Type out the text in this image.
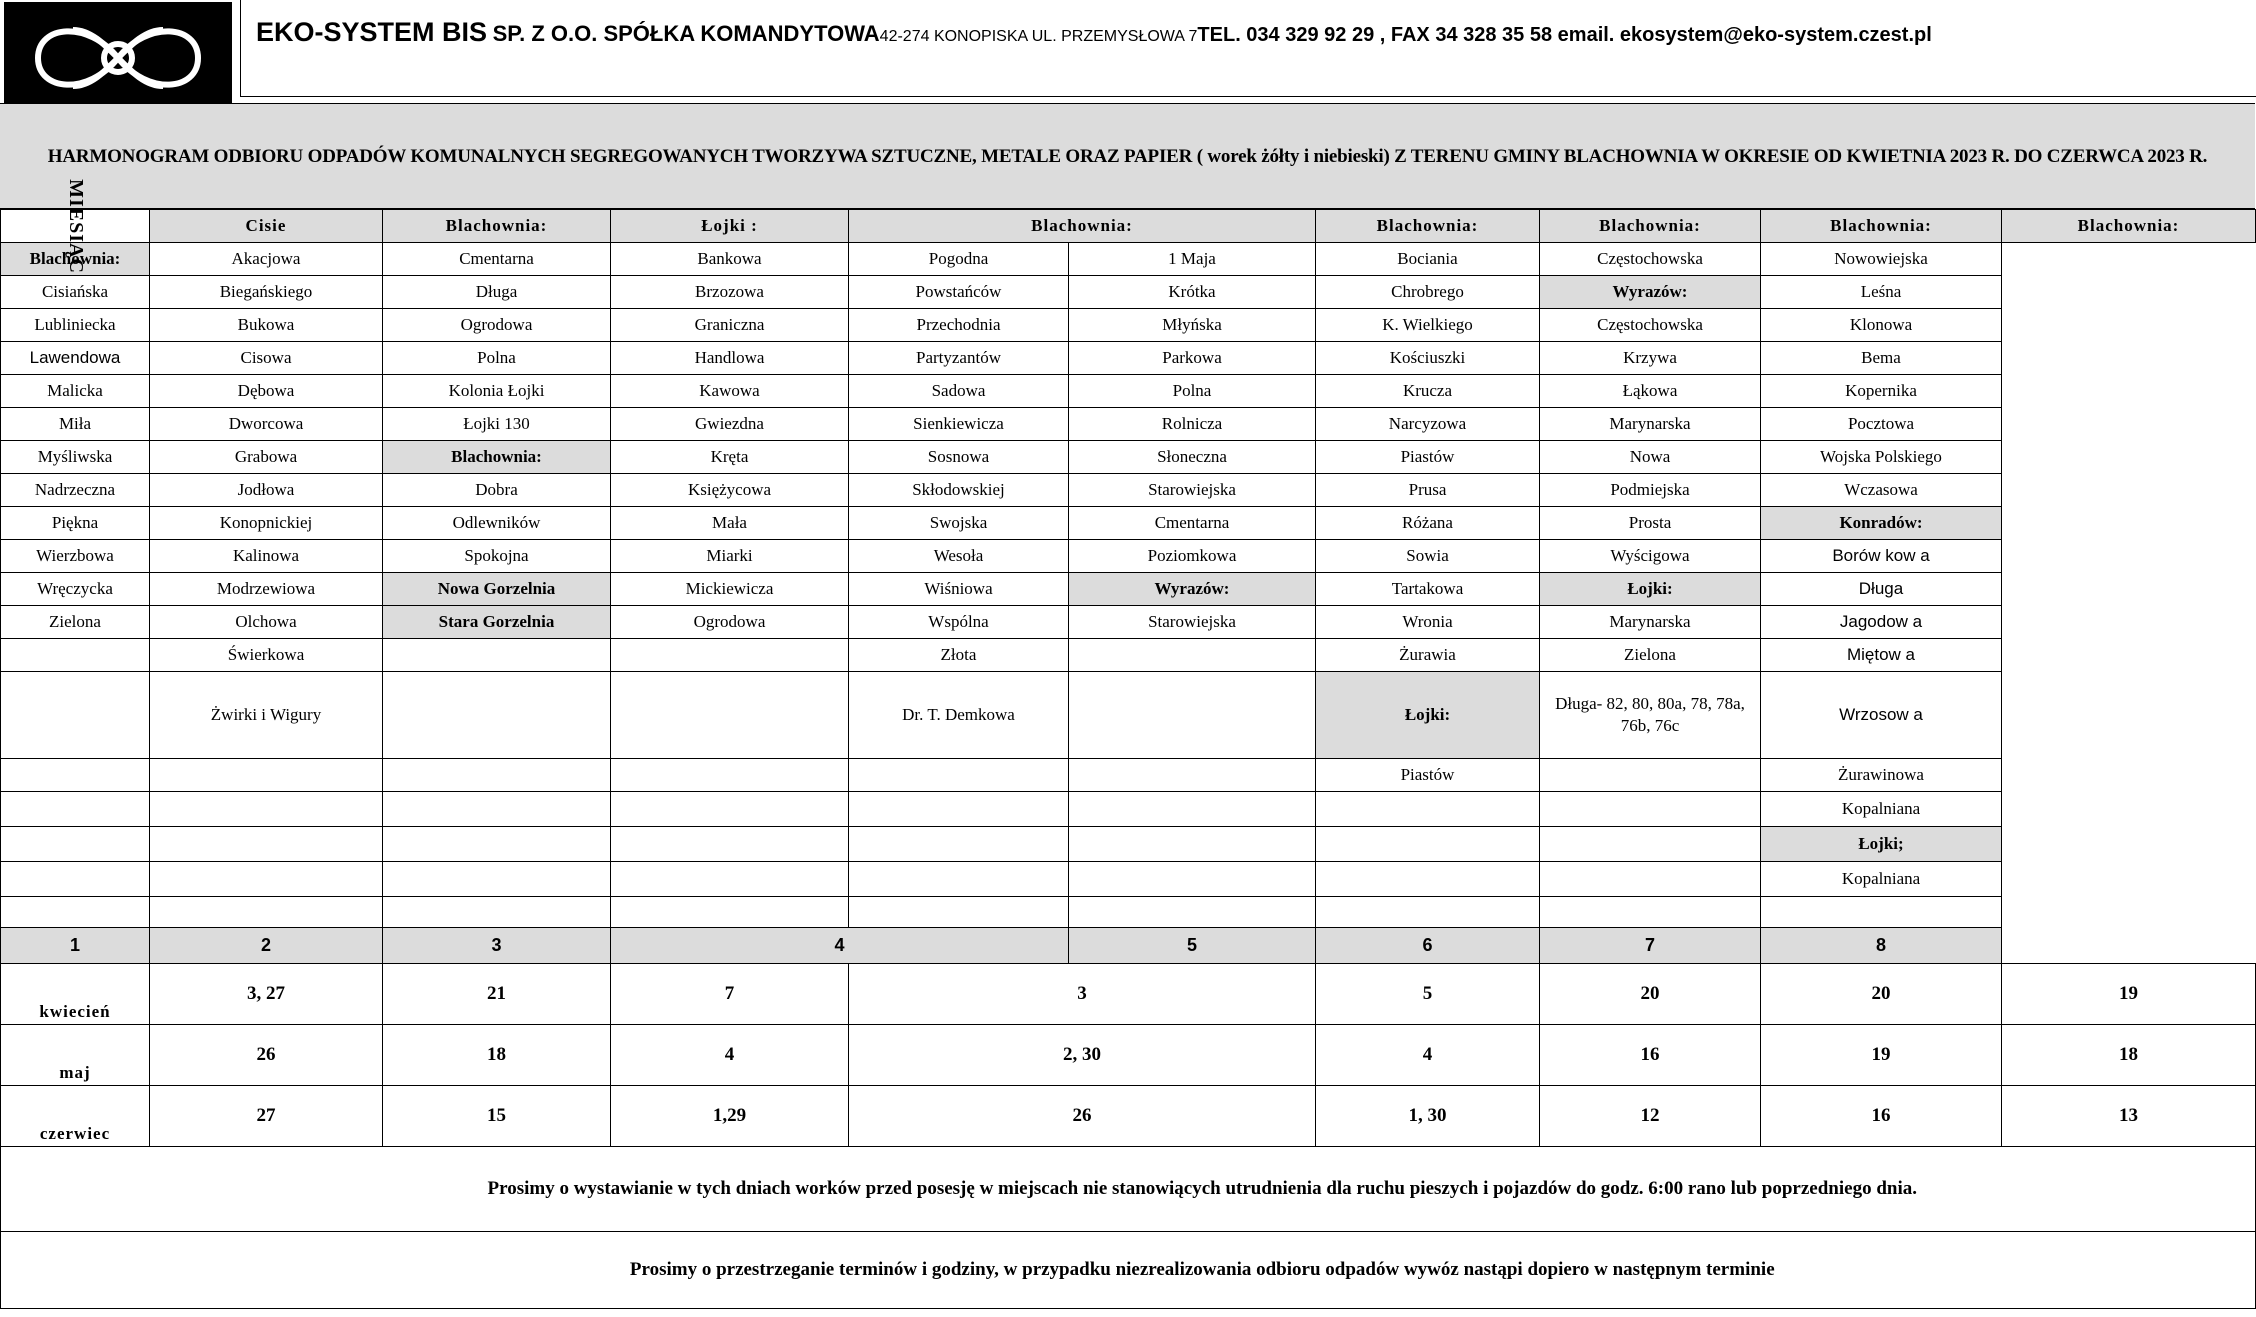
EKO-SYSTEM BIS SP. Z O.O. SPÓŁKA KOMANDYTOWA42-274 KONOPISKA UL. PRZEMYSŁOWA 7TEL. 034 329 92 29 , FAX 34 328 35 58 email. ekosystem@eko-system.czest.pl
HARMONOGRAM ODBIORU ODPADÓW KOMUNALNYCH SEGREGOWANYCH TWORZYWA SZTUCZNE, METALE ORAZ PAPIER ( worek żółty i niebieski) Z TERENU GMINY BLACHOWNIA W OKRESIE OD KWIETNIA 2023 R. DO CZERWCA 2023 R.
MIESIĄC	Cisie	Blachownia:	Łojki :	Blachownia:		Blachownia:	Blachownia:	Blachownia:	Blachownia:
Blachownia:	Akacjowa	Cmentarna	Bankowa	Pogodna	1 Maja	Bociania	Częstochowska	Nowowiejska	
Cisiańska	Biegańskiego	Długa	Brzozowa	Powstańców	Krótka	Chrobrego	Wyrazów:	Leśna	
Lubliniecka	Bukowa	Ogrodowa	Graniczna	Przechodnia	Młyńska	K. Wielkiego	Częstochowska	Klonowa	
Lawendowa	Cisowa	Polna	Handlowa	Partyzantów	Parkowa	Kościuszki	Krzywa	Bema	
Malicka	Dębowa	Kolonia Łojki	Kawowa	Sadowa	Polna	Krucza	Łąkowa	Kopernika	
Miła	Dworcowa	Łojki 130	Gwiezdna	Sienkiewicza	Rolnicza	Narcyzowa	Marynarska	Pocztowa	
Myśliwska	Grabowa	Blachownia:	Kręta	Sosnowa	Słoneczna	Piastów	Nowa	Wojska Polskiego	
Nadrzeczna	Jodłowa	Dobra	Księżycowa	Skłodowskiej	Starowiejska	Prusa	Podmiejska	Wczasowa	
Piękna	Konopnickiej	Odlewników	Mała	Swojska	Cmentarna	Różana	Prosta	Konradów:	
Wierzbowa	Kalinowa	Spokojna	Miarki	Wesoła	Poziomkowa	Sowia	Wyścigowa	Borów kow a	
Wręczycka	Modrzewiowa	Nowa Gorzelnia	Mickiewicza	Wiśniowa	Wyrazów:	Tartakowa	Łojki:	Długa	
Zielona	Olchowa	Stara Gorzelnia	Ogrodowa	Wspólna	Starowiejska	Wronia	Marynarska	Jagodow a	
	Świerkowa			Złota		Żurawia	Zielona	Miętow a	
	Żwirki i Wigury			Dr. T. Demkowa		Łojki:	Długa- 82, 80, 80a, 78, 78a, 76b, 76c	Wrzosow a	
						Piastów		Żurawinowa	
								Kopalniana	
								Łojki;	
								Kopalniana	

1	2	3	4		5	6	7	8	
kwiecień	3, 27	21	7	3		5	20	20	19
maj	26	18	4	2, 30		4	16	19	18
czerwiec	27	15	1,29	26		1, 30	12	16	13
	Prosimy o wystawianie w tych dniach worków przed posesję w miejscach nie stanowiących utrudnienia dla ruchu pieszych i pojazdów do godz. 6:00 rano lub poprzedniego dnia.								
	Prosimy o przestrzeganie terminów i godziny, w przypadku niezrealizowania odbioru odpadów wywóz nastąpi dopiero w następnym terminie								
